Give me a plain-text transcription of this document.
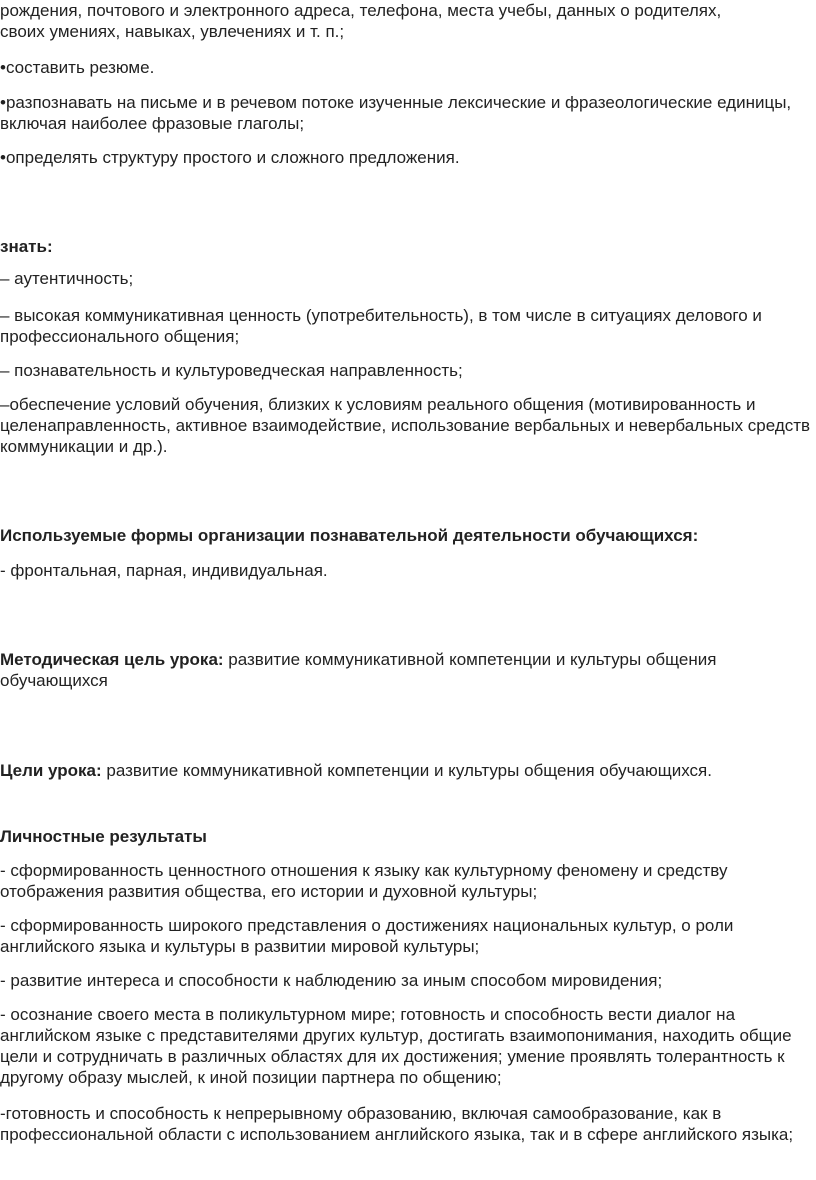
рождения, почтового и электронного адреса, телефона, места учебы, данных о родителях,
своих умениях, навыках, увлечениях и т. п.;

•составить резюме.

•разпознавать на письме и в речевом потоке изученные лексические и фразеологические единицы, включая наиболее фразовые глаголы;

•определять структуру простого и сложного предложения.

знать:

– аутентичность;

– высокая коммуникативная ценность (употребительность), в том числе в ситуациях делового и профессионального общения;

– познавательность и культуроведческая направленность;

–обеспечение условий обучения, близких к условиям реального общения (мотивированность и целенаправленность, активное взаимодействие, использование вербальных и невербальных средств коммуникации и др.).

Используемые формы организации познавательной деятельности обучающихся:

- фронтальная, парная, индивидуальная.

Методическая цель урока: развитие коммуникативной компетенции и культуры общения обучающихся

Цели урока: развитие коммуникативной компетенции и культуры общения обучающихся.

Личностные результаты

- сформированность ценностного отношения к языку как культурному феномену и средству отображения развития общества, его истории и духовной культуры;

- сформированность широкого представления о достижениях национальных культур, о роли английского языка и культуры в развитии мировой культуры;

- развитие интереса и способности к наблюдению за иным способом мировидения;

- осознание своего места в поликультурном мире; готовность и способность вести диалог на английском языке с представителями других культур, достигать взаимопонимания, находить общие цели и сотрудничать в различных областях для их достижения; умение проявлять толерантность к другому образу мыслей, к иной позиции партнера по общению;

-готовность и способность к непрерывному образованию, включая самообразование, как в профессиональной области с использованием английского языка, так и в сфере английского языка;
